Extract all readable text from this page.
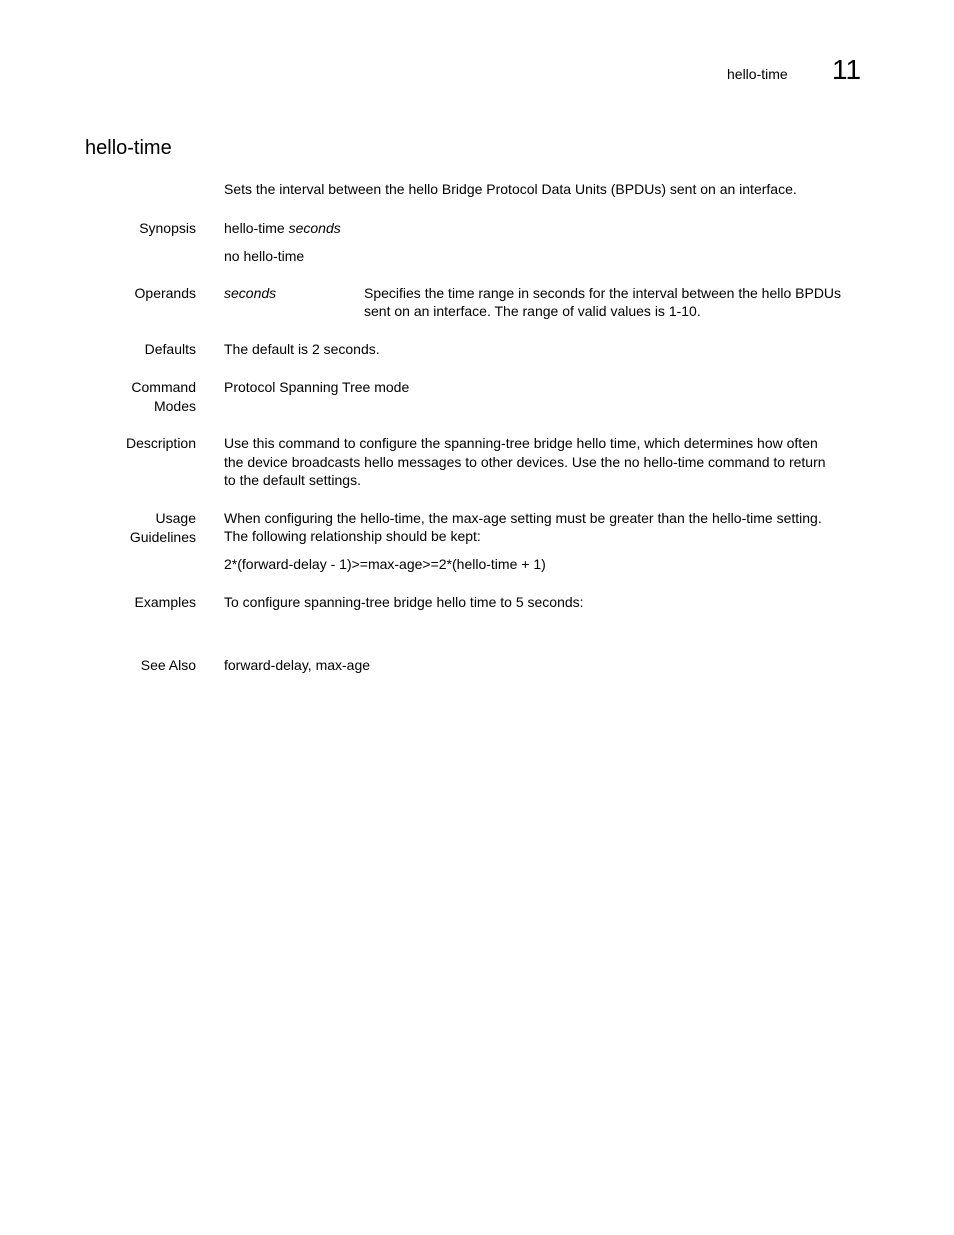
hello-time 11
hello-time
Sets the interval between the hello Bridge Protocol Data Units (BPDUs) sent on an interface.
Synopsis hello-time seconds
no hello-time
Operands seconds	Specifies the time range in seconds for the interval between the hello BPDUs
sent on an interface. The range of valid values is 1-10.
Defaults The default is 2 seconds.
Command
Modes
Protocol Spanning Tree mode
Description Use this command to configure the spanning-tree bridge hello time, which determines how often
the device broadcasts hello messages to other devices. Use the no hello-time command to return
to the default settings.
Usage
Guidelines
When configuring the hello-time, the max-age setting must be greater than the hello-time setting.
The following relationship should be kept:
2*(forward-delay - 1)>=max-age>=2*(hello-time + 1)
Examples To configure spanning-tree bridge hello time to 5 seconds:
See Also forward-delay, max-age
